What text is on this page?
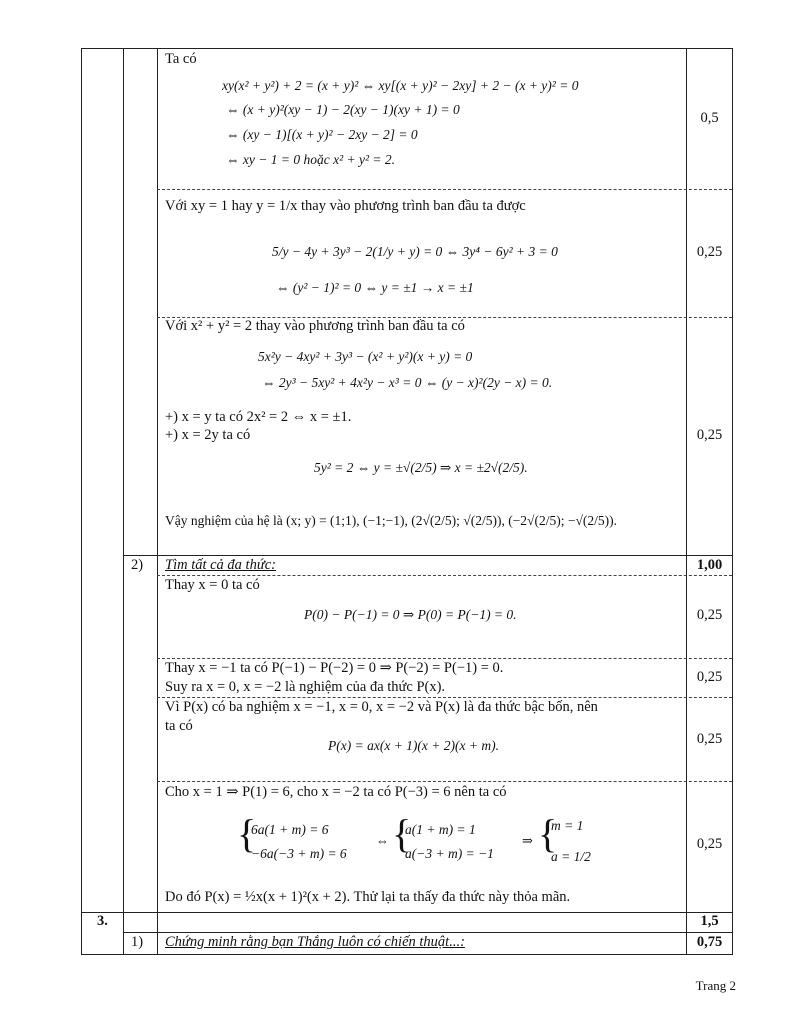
Ta có
xy(x² + y²) + 2 = (x + y)² ⇔ xy[(x + y)² − 2xy] + 2 − (x + y)² = 0
⇔ (x + y)²(xy − 1) − 2(xy − 1)(xy + 1) = 0
⇔ (xy − 1)[(x + y)² − 2xy − 2] = 0
⇔ xy − 1 = 0 hoặc x² + y² = 2.
0,5
Với xy = 1 hay y = 1/x thay vào phương trình ban đầu ta được
5/y − 4y + 3y³ − 2(1/y + y) = 0 ⇔ 3y⁴ − 6y² + 3 = 0
⇔ (y² − 1)² = 0 ⇔ y = ±1 → x = ±1
0,25
Với x² + y² = 2 thay vào phương trình ban đầu ta có
5x²y − 4xy² + 3y³ − (x² + y²)(x + y) = 0
⇔ 2y³ − 5xy² + 4x²y − x³ = 0 ⇔ (y − x)²(2y − x) = 0.
+) x = y ta có 2x² = 2 ⇔ x = ±1.
+) x = 2y ta có
5y² = 2 ⇔ y = ±√(2/5) ⇒ x = ±2√(2/5).
Vậy nghiệm của hệ là (x; y) = (1;1), (−1;−1), (2√(2/5); √(2/5)), (−2√(2/5); −√(2/5)).
0,25
2) Tìm tất cả đa thức:	1,00
Thay x = 0 ta có
P(0) − P(−1) = 0 ⇒ P(0) = P(−1) = 0.	0,25
Thay x = −1 ta có P(−1) − P(−2) = 0 ⇒ P(−2) = P(−1) = 0.
Suy ra x = 0, x = −2 là nghiệm của đa thức P(x).
0,25
Vì P(x) có ba nghiệm x = −1, x = 0, x = −2 và P(x) là đa thức bậc bốn, nên
ta có
P(x) = ax(x + 1)(x + 2)(x + m).	0,25
Cho x = 1 ⇒ P(1) = 6, cho x = −2 ta có P(−3) = 6 nên ta có
{
6a(1 + m) = 6
−6a(−3 + m) = 6
⇔ {
a(1 + m) = 1
a(−3 + m) = −1
⇒ {
m = 1
a = 1/2
Do đó P(x) = ½x(x + 1)²(x + 2). Thử lại ta thấy đa thức này thỏa mãn.
0,25
3.	1,5
1) Chứng minh rằng bạn Thắng luôn có chiến thuật...:	0,75
Trang 2
